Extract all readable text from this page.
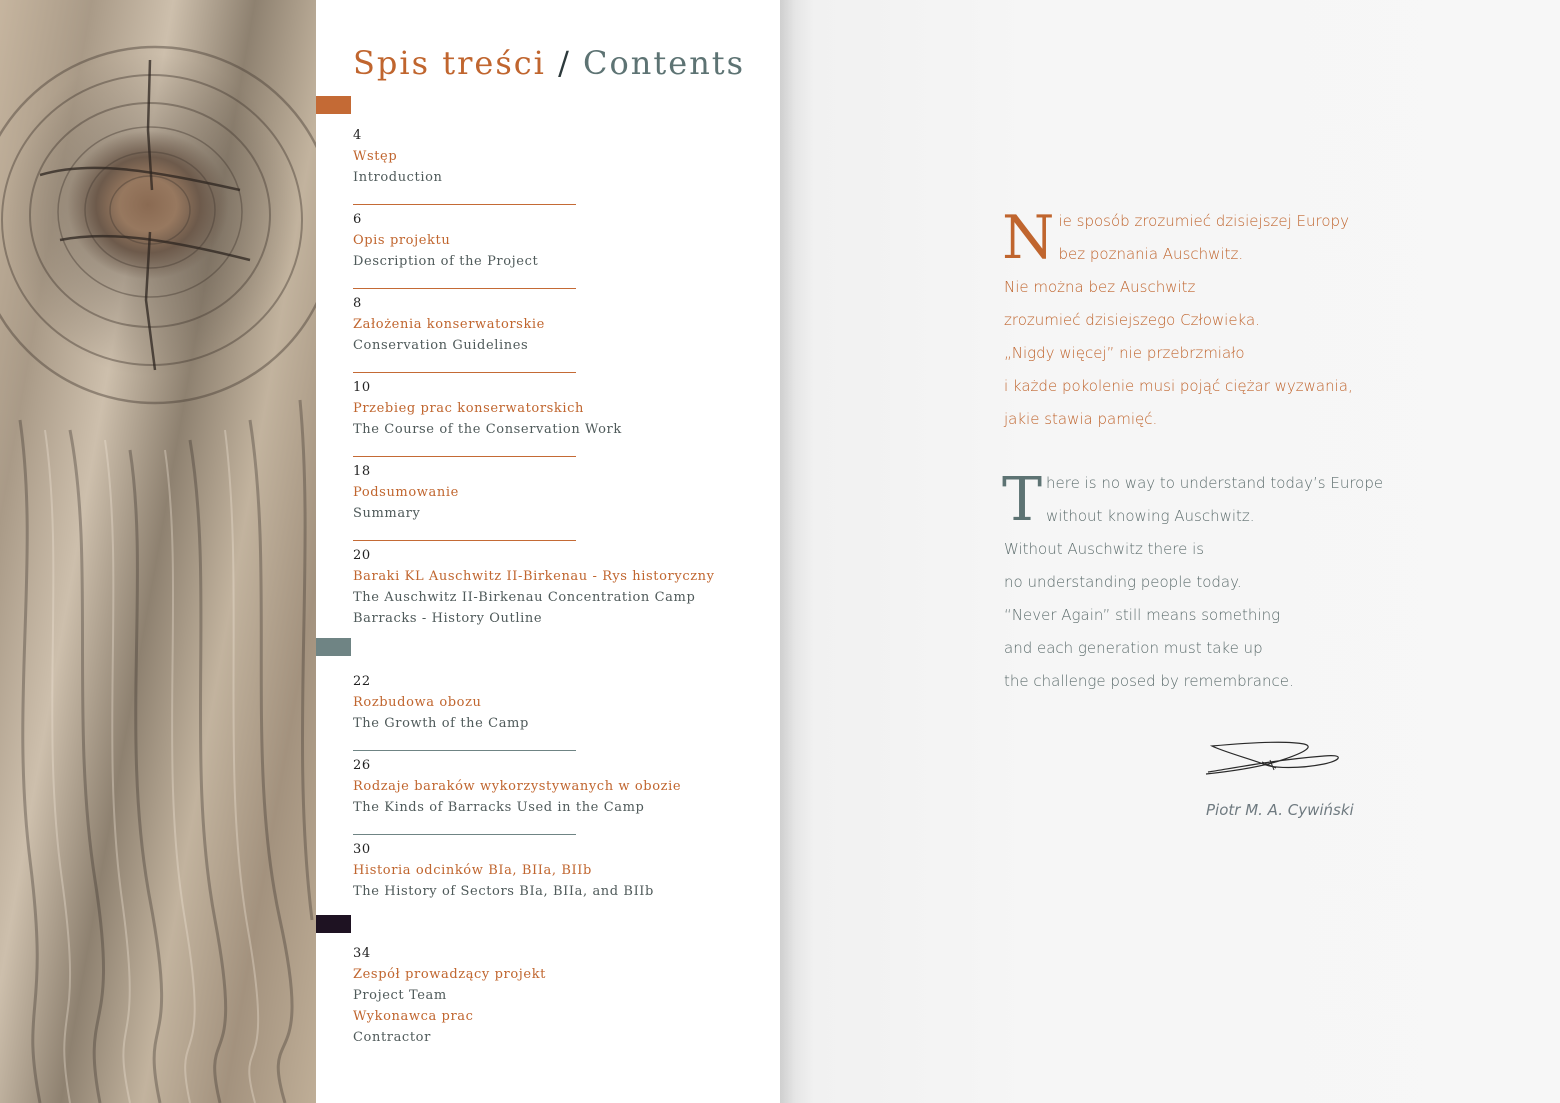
Spis treści / Contents
4
Wstęp
Introduction
6
Opis projektu
Description of the Project
8
Założenia konserwatorskie
Conservation Guidelines
10
Przebieg prac konserwatorskich
The Course of the Conservation Work
18
Podsumowanie
Summary
20
Baraki KL Auschwitz II-Birkenau - Rys historyczny
The Auschwitz II-Birkenau Concentration Camp
Barracks - History Outline
22
Rozbudowa obozu
The Growth of the Camp
26
Rodzaje baraków wykorzystywanych w obozie
The Kinds of Barracks Used in the Camp
30
Historia odcinków BIa, BIIa, BIIb
The History of Sectors BIa, BIIa, and BIIb
34
Zespół prowadzący projekt
Project Team
Wykonawca prac
Contractor
N ie sposób zrozumieć dzisiejszej Europy

bez poznania Auschwitz.

Nie można bez Auschwitz

zrozumieć dzisiejszego Człowieka.

„Nigdy więcej” nie przebrzmiało

i każde pokolenie musi pojąć ciężar wyzwania,

jakie stawia pamięć.

T here is no way to understand today’s Europe

without knowing Auschwitz.

Without Auschwitz there is

no understanding people today.

“Never Again” still means something

and each generation must take up

the challenge posed by remembrance.

Piotr M. A. Cywiński
